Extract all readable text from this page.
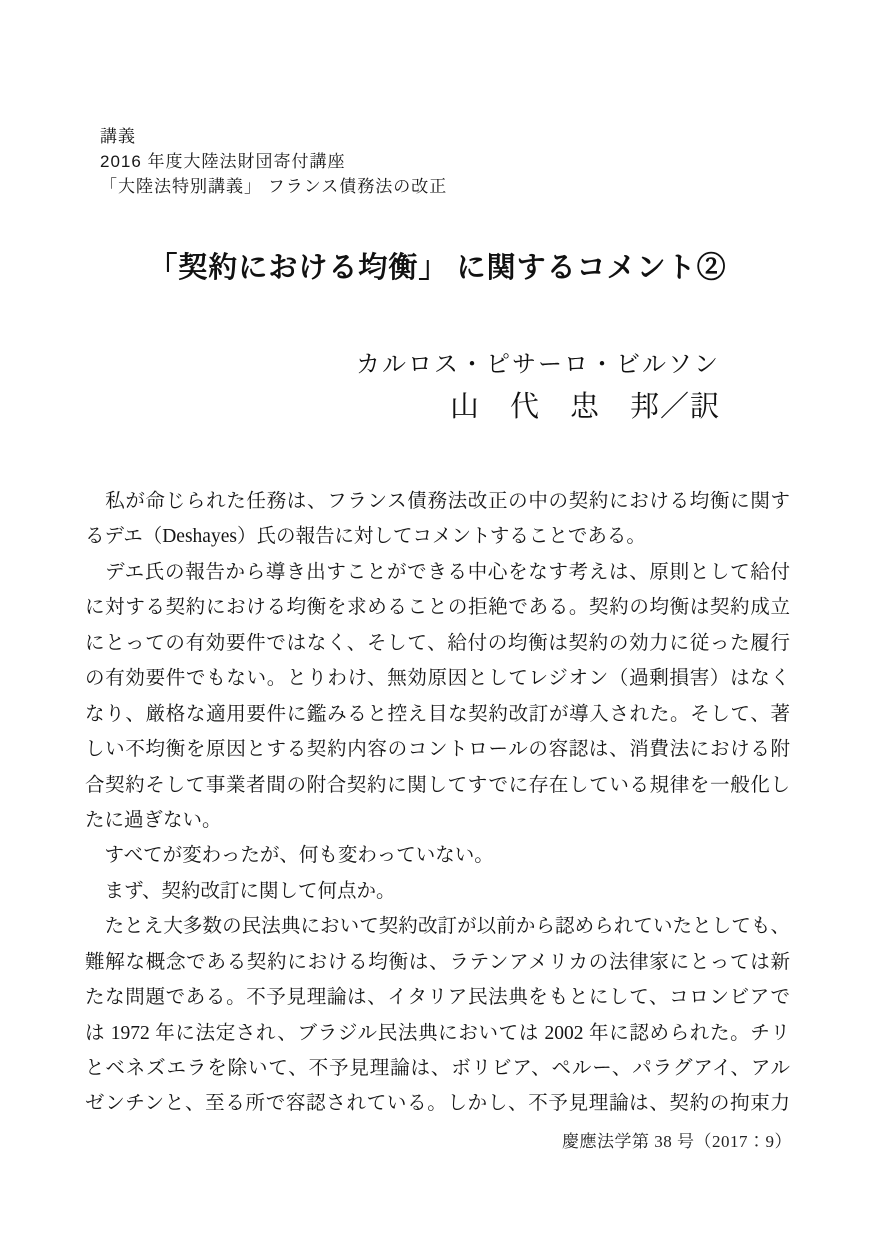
講義
2016 年度大陸法財団寄付講座
「大陸法特別講義」 フランス債務法の改正
「契約における均衡」 に関するコメント②
カルロス・ピサーロ・ビルソン
山　代　忠　邦／訳
　私が命じられた任務は、フランス債務法改正の中の契約における均衡に関す
るデエ（Deshayes）氏の報告に対してコメントすることである。
　デエ氏の報告から導き出すことができる中心をなす考えは、原則として給付
に対する契約における均衡を求めることの拒絶である。契約の均衡は契約成立
にとっての有効要件ではなく、そして、給付の均衡は契約の効力に従った履行
の有効要件でもない。とりわけ、無効原因としてレジオン（過剰損害）はなく
なり、厳格な適用要件に鑑みると控え目な契約改訂が導入された。そして、著
しい不均衡を原因とする契約内容のコントロールの容認は、消費法における附
合契約そして事業者間の附合契約に関してすでに存在している規律を一般化し
たに過ぎない。
　すべてが変わったが、何も変わっていない。
　まず、契約改訂に関して何点か。
　たとえ大多数の民法典において契約改訂が以前から認められていたとしても、
難解な概念である契約における均衡は、ラテンアメリカの法律家にとっては新
たな問題である。不予見理論は、イタリア民法典をもとにして、コロンビアで
は 1972 年に法定され、ブラジル民法典においては 2002 年に認められた。チリ
とベネズエラを除いて、不予見理論は、ボリビア、ペルー、パラグアイ、アル
ゼンチンと、至る所で容認されている。しかし、不予見理論は、契約の拘束力
慶應法学第 38 号（2017：9）
